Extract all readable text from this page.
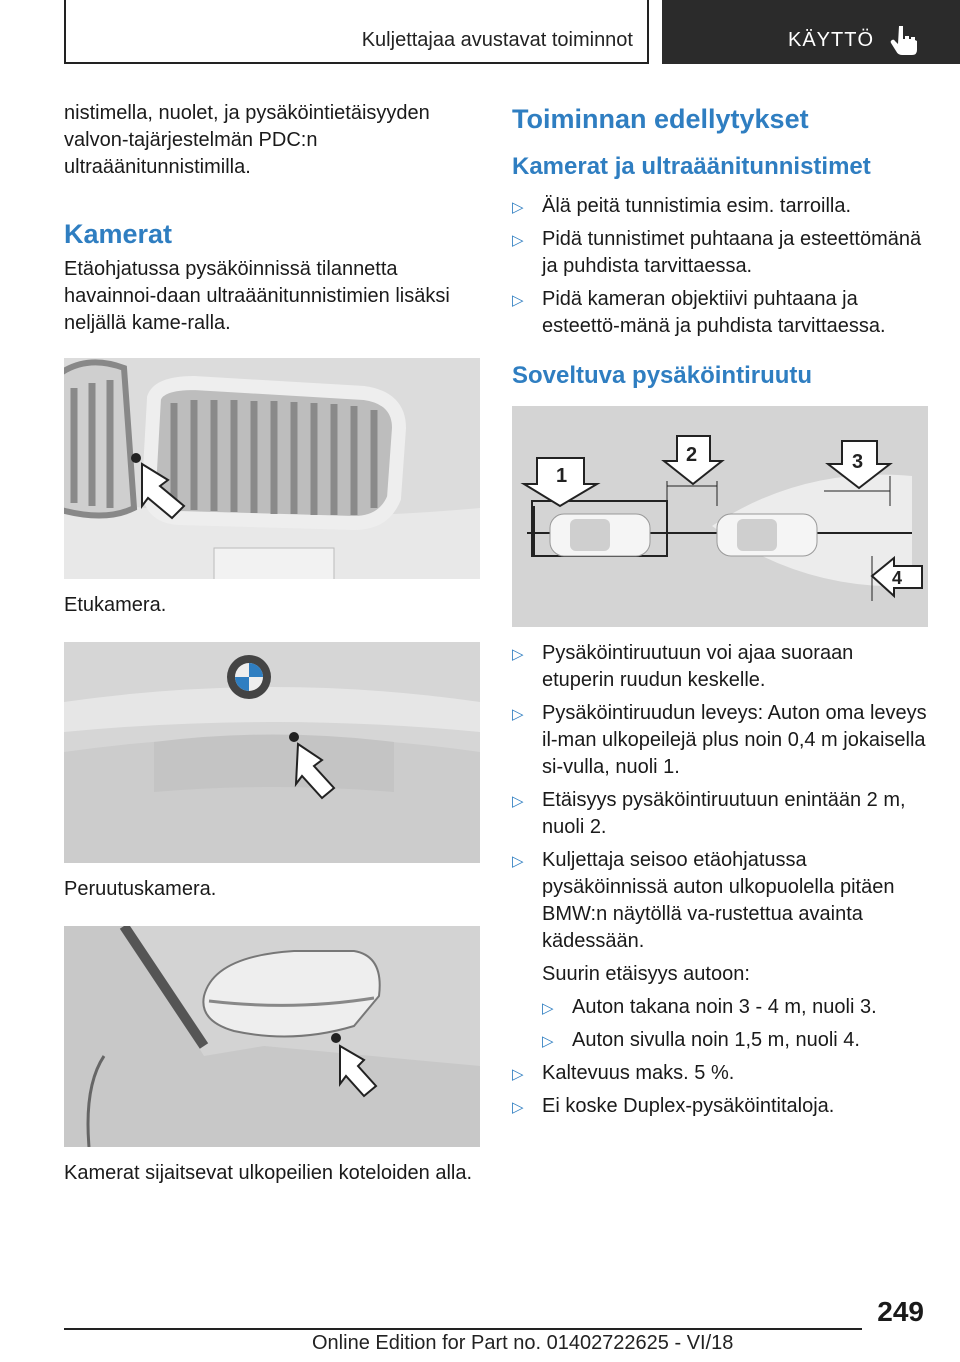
Kuljettajaa avustavat toiminnot	KÄYTTÖ

nistimella, nuolet, ja pysäköintietäisyyden valvon-tajärjestelmän PDC:n ultraäänitunnistimilla.

Kamerat

Etäohjatussa pysäköinnissä tilannetta havainnoi-daan ultraäänitunnistimien lisäksi neljällä kame-ralla.

Etukamera.

Peruutuskamera.

Kamerat sijaitsevat ulkopeilien koteloiden alla.

Toiminnan edellytykset
Kamerat ja ultraäänitunnistimet
▷ Älä peitä tunnistimia esim. tarroilla.
▷ Pidä tunnistimet puhtaana ja esteettömänä ja puhdista tarvittaessa.
▷ Pidä kameran objektiivi puhtaana ja esteettö-mänä ja puhdista tarvittaessa.
Soveltuva pysäköintiruutu
1
2	3
4
▷ Pysäköintiruutuun voi ajaa suoraan etuperin ruudun keskelle.
▷ Pysäköintiruudun leveys: Auton oma leveys il-man ulkopeilejä plus noin 0,4 m jokaisella si-vulla, nuoli 1.
▷ Etäisyys pysäköintiruutuun enintään 2 m, nuoli 2.
▷ Kuljettaja seisoo etäohjatussa pysäköinnissä auton ulkopuolella pitäen BMW:n näytöllä va-rustettua avainta kädessään.

Suurin etäisyys autoon:

▷ Auton takana noin 3 - 4 m, nuoli 3.
▷ Auton sivulla noin 1,5 m, nuoli 4.
▷ Kaltevuus maks. 5 %.
▷ Ei koske Duplex-pysäköintitaloja.
249
Online Edition for Part no. 01402722625 - VI/18
